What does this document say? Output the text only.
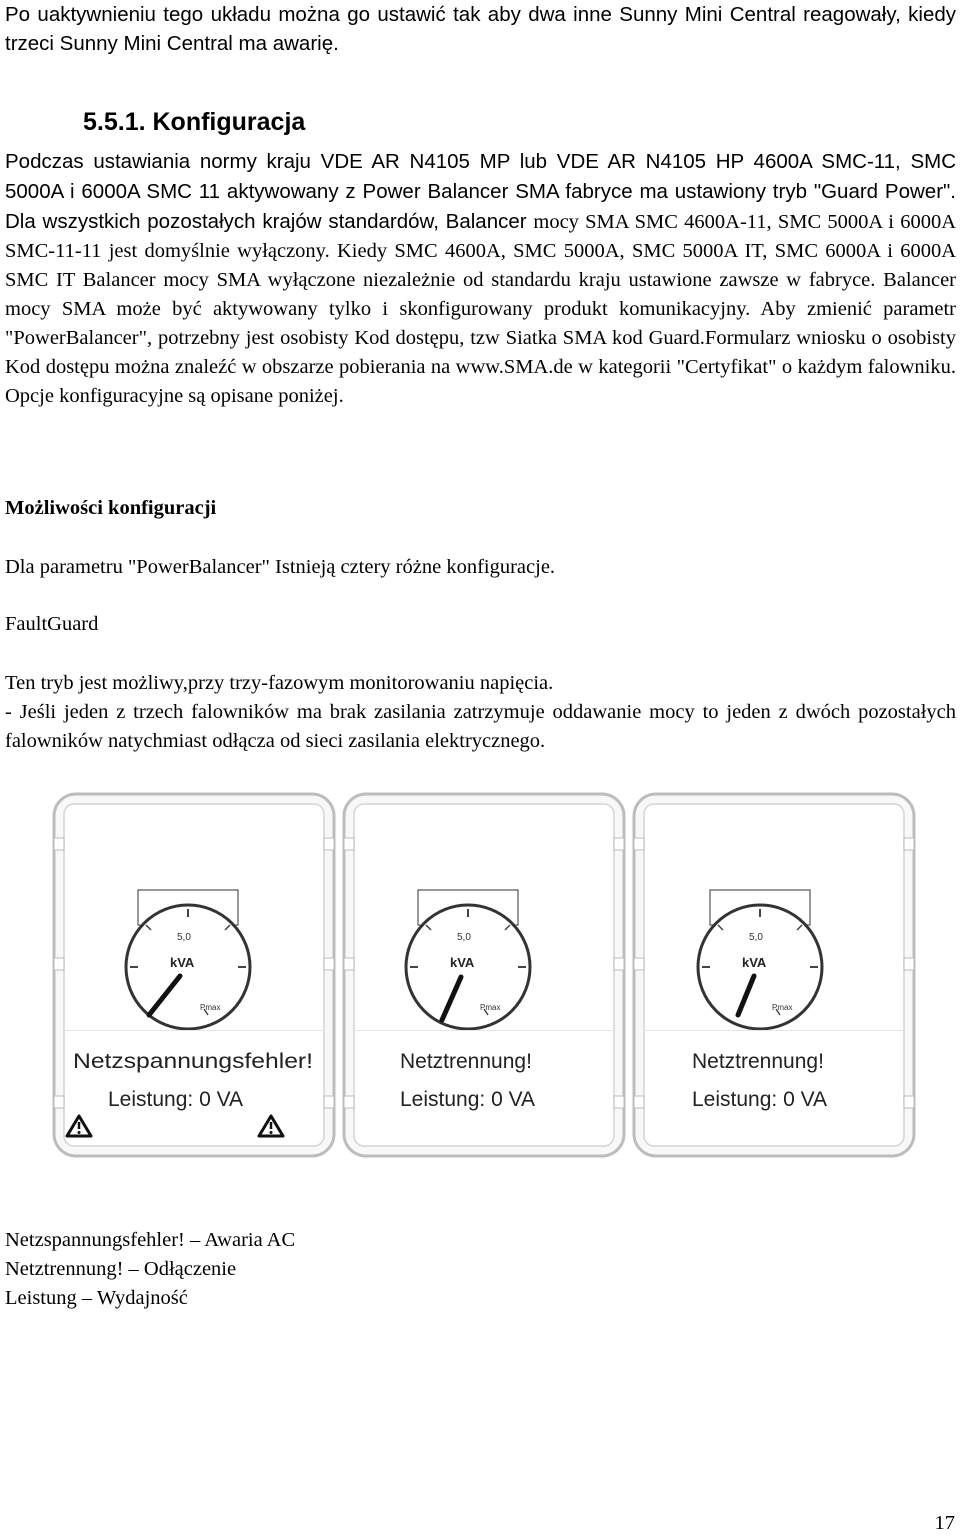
Po uaktywnieniu tego układu można go ustawić tak aby dwa inne Sunny Mini Central reagowały, kiedy trzeci Sunny Mini Central ma awarię.

5.5.1. Konfiguracja

Podczas ustawiania normy kraju VDE AR N4105 MP lub VDE AR N4105 HP 4600A SMC-11, SMC 5000A i 6000A SMC 11 aktywowany z Power Balancer SMA fabryce ma ustawiony tryb "Guard Power". Dla wszystkich pozostałych krajów standardów, Balancer mocy SMA SMC 4600A-11, SMC 5000A i 6000A SMC-11-11 jest domyślnie wyłączony. Kiedy SMC 4600A, SMC 5000A, SMC 5000A IT, SMC 6000A i 6000A SMC IT Balancer mocy SMA wyłączone niezależnie od standardu kraju ustawione zawsze w fabryce. Balancer mocy SMA może być aktywowany tylko i skonfigurowany produkt komunikacyjny. Aby zmienić parametr "PowerBalancer", potrzebny jest osobisty Kod dostępu, tzw Siatka SMA kod Guard.Formularz wniosku o osobisty Kod dostępu można znaleźć w obszarze pobierania na www.SMA.de w kategorii "Certyfikat" o każdym falowniku. Opcje konfiguracyjne są opisane poniżej.

Możliwości konfiguracji

Dla parametru "PowerBalancer" Istnieją cztery różne konfiguracje.

FaultGuard

Ten tryb jest możliwy,przy trzy-fazowym monitorowaniu napięcia.

- Jeśli jeden z trzech falowników ma brak zasilania zatrzymuje oddawanie mocy to jeden z dwóch pozostałych falowników natychmiast odłącza od sieci zasilania elektrycznego.

5,0
kVA
Pmax
Netzspannungsfehler!
Leistung: 0 VA
5,0
kVA
Pmax
Netztrennung!
Leistung: 0 VA
5,0
kVA
Pmax
Netztrennung!
Leistung: 0 VA

Netzspannungsfehler! – Awaria AC

Netztrennung! – Odłączenie

Leistung – Wydajność

17
